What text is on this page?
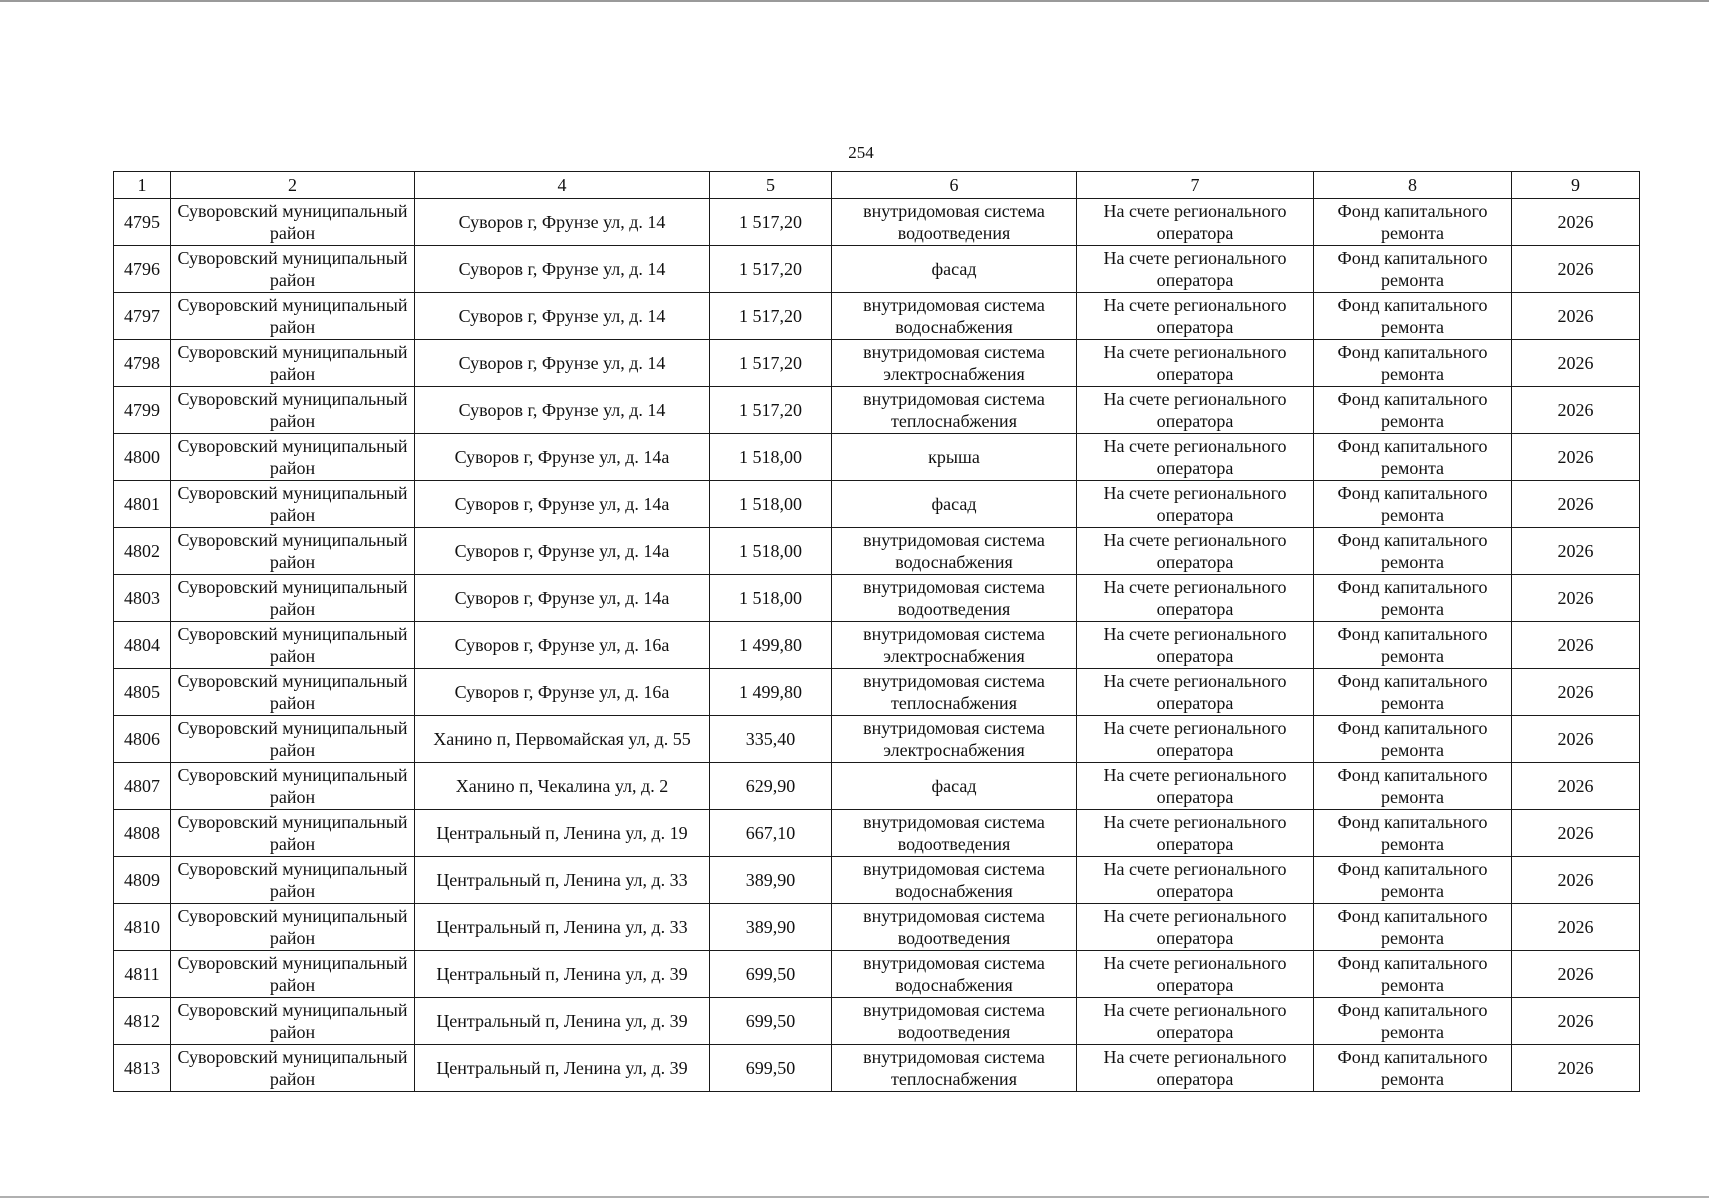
254
1	2	4	5	6	7	8	9
4795	Суворовский муниципальный район	Суворов г, Фрунзе ул, д. 14	1 517,20	внутридомовая система водоотведения	На счете регионального оператора	Фонд капитального ремонта	2026
4796	Суворовский муниципальный район	Суворов г, Фрунзе ул, д. 14	1 517,20	фасад	На счете регионального оператора	Фонд капитального ремонта	2026
4797	Суворовский муниципальный район	Суворов г, Фрунзе ул, д. 14	1 517,20	внутридомовая система водоснабжения	На счете регионального оператора	Фонд капитального ремонта	2026
4798	Суворовский муниципальный район	Суворов г, Фрунзе ул, д. 14	1 517,20	внутридомовая система электроснабжения	На счете регионального оператора	Фонд капитального ремонта	2026
4799	Суворовский муниципальный район	Суворов г, Фрунзе ул, д. 14	1 517,20	внутридомовая система теплоснабжения	На счете регионального оператора	Фонд капитального ремонта	2026
4800	Суворовский муниципальный район	Суворов г, Фрунзе ул, д. 14а	1 518,00	крыша	На счете регионального оператора	Фонд капитального ремонта	2026
4801	Суворовский муниципальный район	Суворов г, Фрунзе ул, д. 14а	1 518,00	фасад	На счете регионального оператора	Фонд капитального ремонта	2026
4802	Суворовский муниципальный район	Суворов г, Фрунзе ул, д. 14а	1 518,00	внутридомовая система водоснабжения	На счете регионального оператора	Фонд капитального ремонта	2026
4803	Суворовский муниципальный район	Суворов г, Фрунзе ул, д. 14а	1 518,00	внутридомовая система водоотведения	На счете регионального оператора	Фонд капитального ремонта	2026
4804	Суворовский муниципальный район	Суворов г, Фрунзе ул, д. 16а	1 499,80	внутридомовая система электроснабжения	На счете регионального оператора	Фонд капитального ремонта	2026
4805	Суворовский муниципальный район	Суворов г, Фрунзе ул, д. 16а	1 499,80	внутридомовая система теплоснабжения	На счете регионального оператора	Фонд капитального ремонта	2026
4806	Суворовский муниципальный район	Ханино п, Первомайская ул, д. 55	335,40	внутридомовая система электроснабжения	На счете регионального оператора	Фонд капитального ремонта	2026
4807	Суворовский муниципальный район	Ханино п, Чекалина ул, д. 2	629,90	фасад	На счете регионального оператора	Фонд капитального ремонта	2026
4808	Суворовский муниципальный район	Центральный п, Ленина ул, д. 19	667,10	внутридомовая система водоотведения	На счете регионального оператора	Фонд капитального ремонта	2026
4809	Суворовский муниципальный район	Центральный п, Ленина ул, д. 33	389,90	внутридомовая система водоснабжения	На счете регионального оператора	Фонд капитального ремонта	2026
4810	Суворовский муниципальный район	Центральный п, Ленина ул, д. 33	389,90	внутридомовая система водоотведения	На счете регионального оператора	Фонд капитального ремонта	2026
4811	Суворовский муниципальный район	Центральный п, Ленина ул, д. 39	699,50	внутридомовая система водоснабжения	На счете регионального оператора	Фонд капитального ремонта	2026
4812	Суворовский муниципальный район	Центральный п, Ленина ул, д. 39	699,50	внутридомовая система водоотведения	На счете регионального оператора	Фонд капитального ремонта	2026
4813	Суворовский муниципальный район	Центральный п, Ленина ул, д. 39	699,50	внутридомовая система теплоснабжения	На счете регионального оператора	Фонд капитального ремонта	2026
